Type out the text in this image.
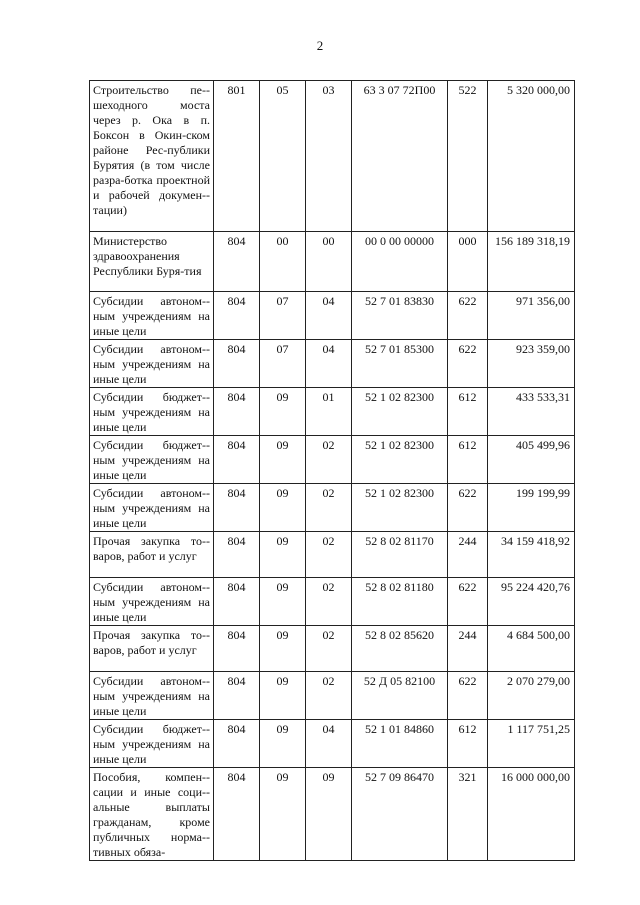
2
Строительство пе-шеходного моста через р. Ока в п. Боксон в Окин-ском районе Рес-публики Бурятия (в том числе разра-ботка проектной и рабочей докумен-тации)	801	05	03	63 3 07 72П00	522	5 320 000,00
Министерство здравоохранения Республики Буря-тия	804	00	00	00 0 00 00000	000	156 189 318,19
Субсидии автоном-ным учреждениям на иные цели	804	07	04	52 7 01 83830	622	971 356,00
Субсидии автоном-ным учреждениям на иные цели	804	07	04	52 7 01 85300	622	923 359,00
Субсидии бюджет-ным учреждениям на иные цели	804	09	01	52 1 02 82300	612	433 533,31
Субсидии бюджет-ным учреждениям на иные цели	804	09	02	52 1 02 82300	612	405 499,96
Субсидии автоном-ным учреждениям на иные цели	804	09	02	52 1 02 82300	622	199 199,99
Прочая закупка то-варов, работ и услуг	804	09	02	52 8 02 81170	244	34 159 418,92
Субсидии автоном-ным учреждениям на иные цели	804	09	02	52 8 02 81180	622	95 224 420,76
Прочая закупка то-варов, работ и услуг	804	09	02	52 8 02 85620	244	4 684 500,00
Субсидии автоном-ным учреждениям на иные цели	804	09	02	52 Д 05 82100	622	2 070 279,00
Субсидии бюджет-ным учреждениям на иные цели	804	09	04	52 1 01 84860	612	1 117 751,25
Пособия, компен-сации и иные соци-альные выплаты гражданам, кроме публичных норма-тивных обяза-	804	09	09	52 7 09 86470	321	16 000 000,00
